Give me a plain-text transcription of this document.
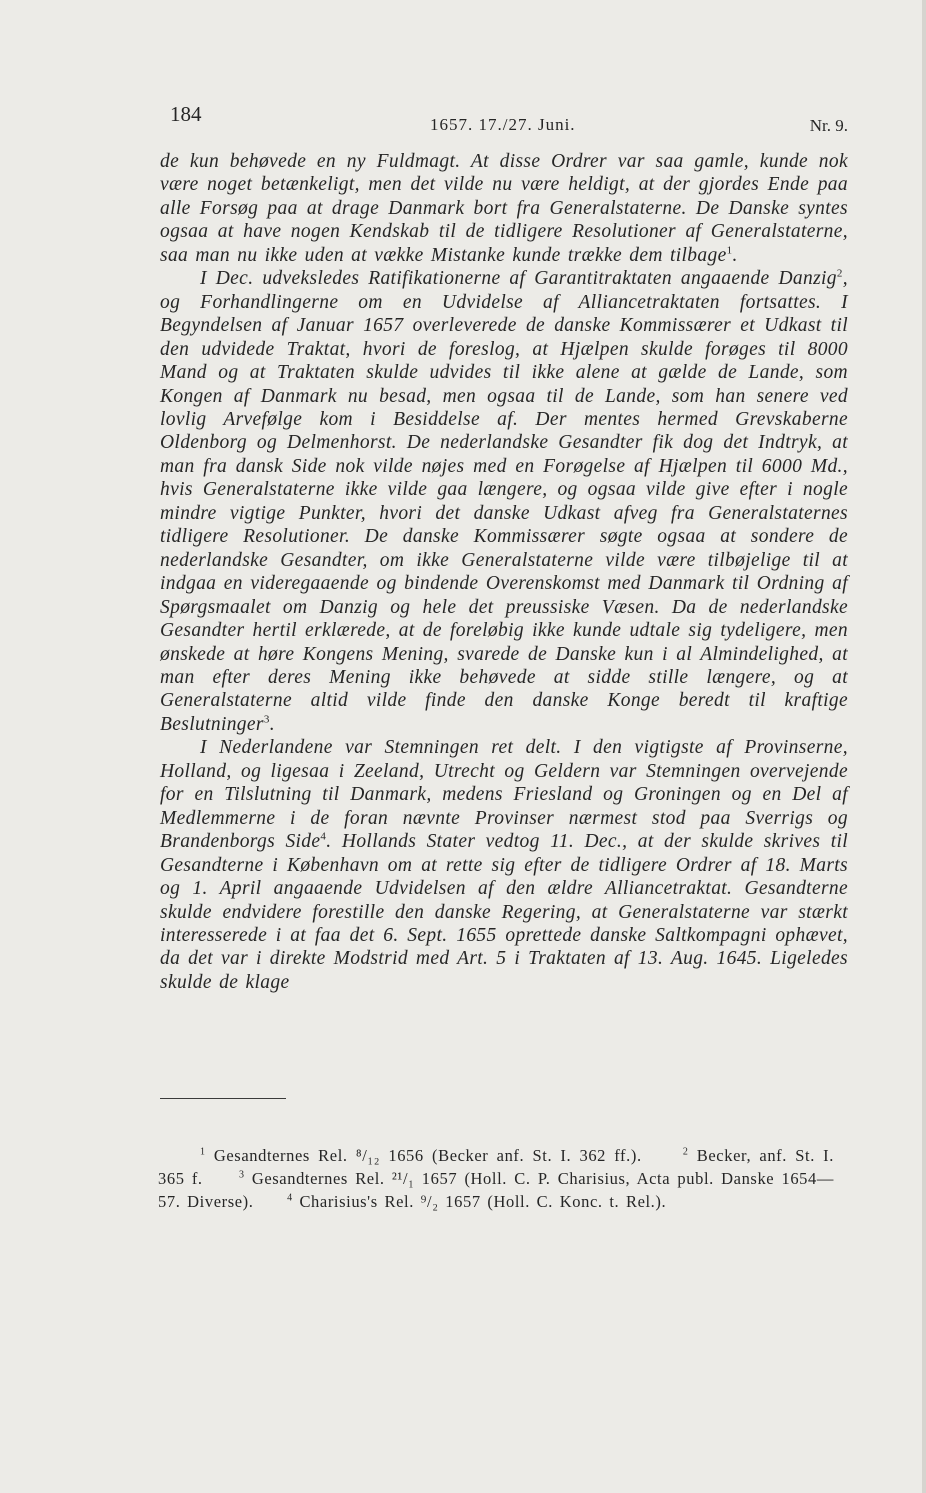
184	1657. 17./27. Juni.	Nr. 9.

de kun behøvede en ny Fuldmagt. At disse Ordrer var saa gamle, kunde nok være noget betænkeligt, men det vilde nu være heldigt, at der gjordes Ende paa alle Forsøg paa at drage Danmark bort fra Generalstaterne. De Danske syntes ogsaa at have nogen Kendskab til de tidligere Resolutioner af Generalstaterne, saa man nu ikke uden at vække Mistanke kunde trække dem tilbage$^1$.

I Dec. udveksledes Ratifikationerne af Garantitraktaten angaaende Danzig$^2$, og Forhandlingerne om en Udvidelse af Alliancetraktaten fortsattes. I Begyndelsen af Januar 1657 overleverede de danske Kommissærer et Udkast til den udvidede Traktat, hvori de foreslog, at Hjælpen skulde forøges til 8000 Mand og at Traktaten skulde udvides til ikke alene at gælde de Lande, som Kongen af Danmark nu besad, men ogsaa til de Lande, som han senere ved lovlig Arvefølge kom i Besiddelse af. Der mentes hermed Grevskaberne Oldenborg og Delmenhorst. De nederlandske Gesandter fik dog det Indtryk, at man fra dansk Side nok vilde nøjes med en Forøgelse af Hjælpen til 6000 Md., hvis Generalstaterne ikke vilde gaa længere, og ogsaa vilde give efter i nogle mindre vigtige Punkter, hvori det danske Udkast afveg fra Generalstaternes tidligere Resolutioner. De danske Kommissærer søgte ogsaa at sondere de nederlandske Gesandter, om ikke Generalstaterne vilde være tilbøjelige til at indgaa en videregaaende og bindende Overenskomst med Danmark til Ordning af Spørgsmaalet om Danzig og hele det preussiske Væsen. Da de nederlandske Gesandter hertil erklærede, at de foreløbig ikke kunde udtale sig tydeligere, men ønskede at høre Kongens Mening, svarede de Danske kun i al Almindelighed, at man efter deres Mening ikke behøvede at sidde stille længere, og at Generalstaterne altid vilde finde den danske Konge beredt til kraftige Beslutninger$^3$.

I Nederlandene var Stemningen ret delt. I den vigtigste af Provinserne, Holland, og ligesaa i Zeeland, Utrecht og Geldern var Stemningen overvejende for en Tilslutning til Danmark, medens Friesland og Groningen og en Del af Medlemmerne i de foran nævnte Provinser nærmest stod paa Sverrigs og Brandenborgs Side$^4$. Hollands Stater vedtog 11. Dec., at der skulde skrives til Gesandterne i København om at rette sig efter de tidligere Ordrer af 18. Marts og 1. April angaaende Udvidelsen af den ældre Alliancetraktat. Gesandterne skulde endvidere forestille den danske Regering, at Generalstaterne var stærkt interesserede i at faa det 6. Sept. 1655 oprettede danske Saltkompagni ophævet, da det var i direkte Modstrid med Art. 5 i Traktaten af 13. Aug. 1645. Ligeledes skulde de klage

$^1$ Gesandternes Rel. ⁸/₁₂ 1656 (Becker anf. St. I. 362 ff.).	$^2$ Becker, anf. St. I. 365 f.	$^3$ Gesandternes Rel. ²¹/₁ 1657 (Holl. C. P. Charisius, Acta publ. Danske 1654—57. Diverse).	$^4$ Charisius's Rel. ⁹/₂ 1657 (Holl. C. Konc. t. Rel.).
